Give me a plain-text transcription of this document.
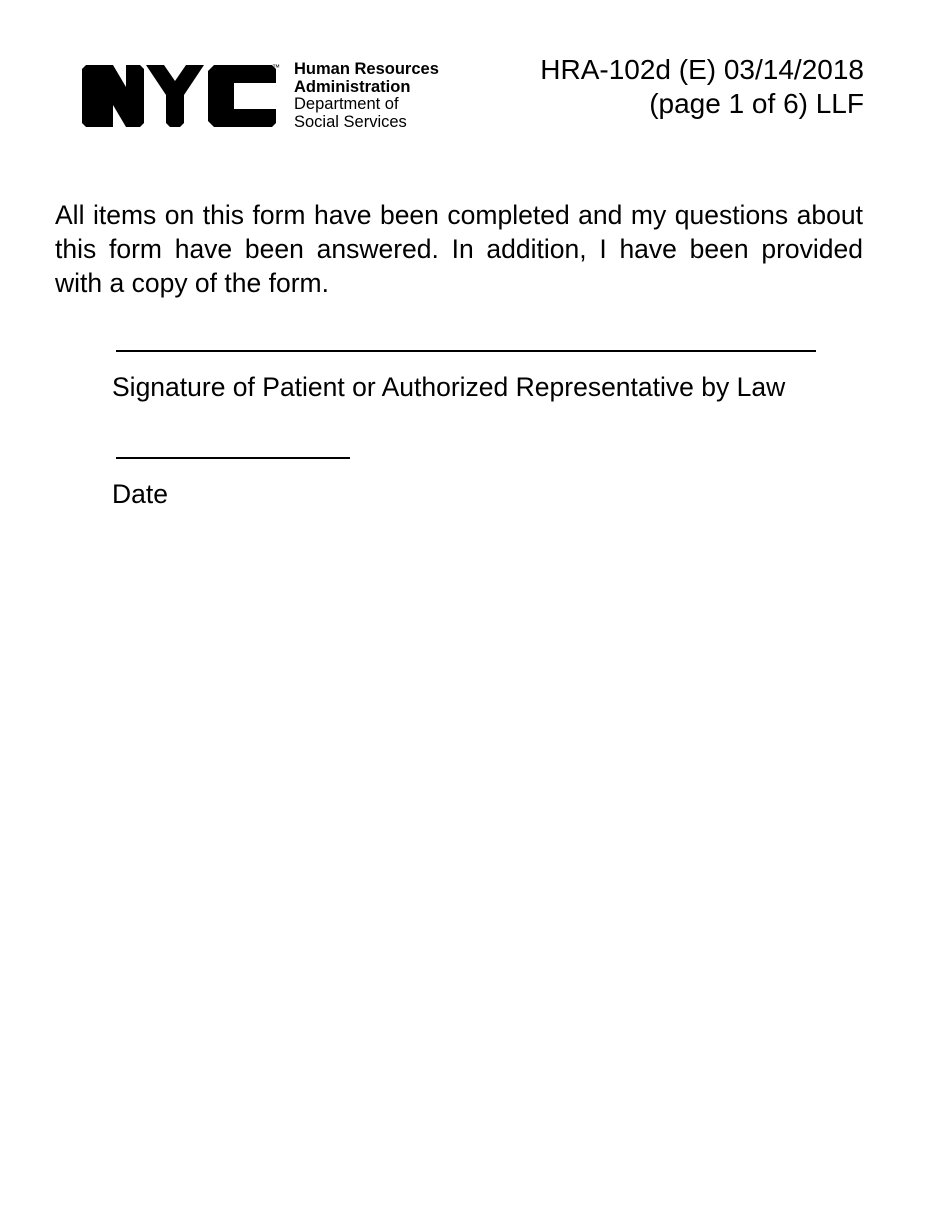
™ Human Resources
Administration
Department of
Social Services
HRA-102d (E) 03/14/2018
(page 1 of 6) LLF

All items on this form have been completed and my questions about this form have been answered. In addition, I have been provided with a copy of the form.

Signature of Patient or Authorized Representative by Law
Date
